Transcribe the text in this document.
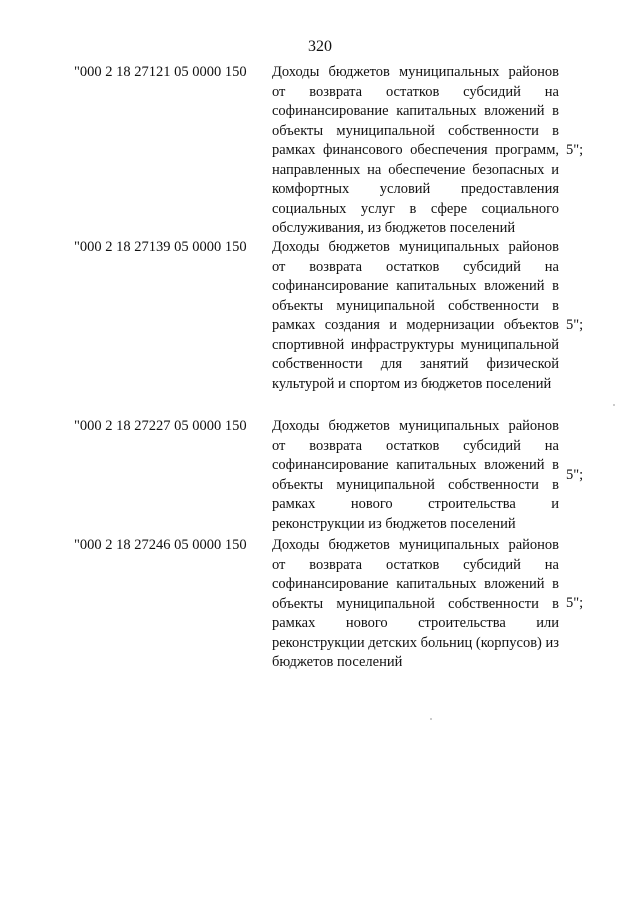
320
"000 2 18 27121 05 0000 150 Доходы бюджетов муниципальных районов от возврата остатков субсидий на софинансирование капитальных вложений в объекты муниципальной собственности в рамках финансового обеспечения программ, направленных на обеспечение безопасных и комфортных условий предоставления социальных услуг в сфере социального обслуживания, из бюджетов поселений
5";
"000 2 18 27139 05 0000 150 Доходы бюджетов муниципальных районов от возврата остатков субсидий на софинансирование капитальных вложений в объекты муниципальной собственности в рамках создания и модернизации объектов спортивной инфраструктуры муниципальной собственности для занятий физической культурой и спортом из бюджетов поселений
5";
"000 2 18 27227 05 0000 150 Доходы бюджетов муниципальных районов от возврата остатков субсидий на софинансирование капитальных вложений в объекты муниципальной собственности в рамках нового строительства и реконструкции из бюджетов поселений
5";
"000 2 18 27246 05 0000 150 Доходы бюджетов муниципальных районов от возврата остатков субсидий на софинансирование капитальных вложений в объекты муниципальной собственности в рамках нового строительства или реконструкции детских больниц (корпусов) из бюджетов поселений
5";
